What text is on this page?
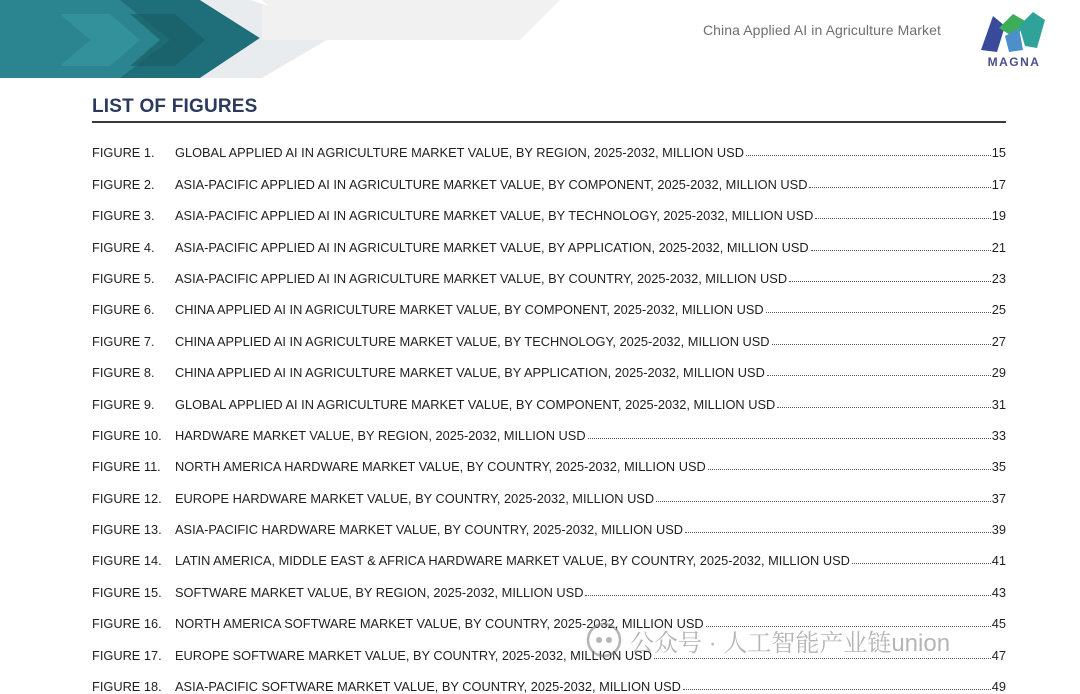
China Applied AI in Agriculture Market
MAGNA
LIST OF FIGURES
FIGURE 1.	GLOBAL APPLIED AI IN AGRICULTURE MARKET VALUE, BY REGION, 2025-2032, MILLION USD	15
FIGURE 2.	ASIA-PACIFIC APPLIED AI IN AGRICULTURE MARKET VALUE, BY COMPONENT, 2025-2032, MILLION USD	17
FIGURE 3.	ASIA-PACIFIC APPLIED AI IN AGRICULTURE MARKET VALUE, BY TECHNOLOGY, 2025-2032, MILLION USD	19
FIGURE 4.	ASIA-PACIFIC APPLIED AI IN AGRICULTURE MARKET VALUE, BY APPLICATION, 2025-2032, MILLION USD	21
FIGURE 5.	ASIA-PACIFIC APPLIED AI IN AGRICULTURE MARKET VALUE, BY COUNTRY, 2025-2032, MILLION USD	23
FIGURE 6.	CHINA APPLIED AI IN AGRICULTURE MARKET VALUE, BY COMPONENT, 2025-2032, MILLION USD	25
FIGURE 7.	CHINA APPLIED AI IN AGRICULTURE MARKET VALUE, BY TECHNOLOGY, 2025-2032, MILLION USD	27
FIGURE 8.	CHINA APPLIED AI IN AGRICULTURE MARKET VALUE, BY APPLICATION, 2025-2032, MILLION USD	29
FIGURE 9.	GLOBAL APPLIED AI IN AGRICULTURE MARKET VALUE, BY COMPONENT, 2025-2032, MILLION USD	31
FIGURE 10.	HARDWARE MARKET VALUE, BY REGION, 2025-2032, MILLION USD	33
FIGURE 11.	NORTH AMERICA HARDWARE MARKET VALUE, BY COUNTRY, 2025-2032, MILLION USD	35
FIGURE 12.	EUROPE HARDWARE MARKET VALUE, BY COUNTRY, 2025-2032, MILLION USD	37
FIGURE 13.	ASIA-PACIFIC HARDWARE MARKET VALUE, BY COUNTRY, 2025-2032, MILLION USD	39
FIGURE 14.	LATIN AMERICA, MIDDLE EAST & AFRICA HARDWARE MARKET VALUE, BY COUNTRY, 2025-2032, MILLION USD	41
FIGURE 15.	SOFTWARE MARKET VALUE, BY REGION, 2025-2032, MILLION USD	43
FIGURE 16.	NORTH AMERICA SOFTWARE MARKET VALUE, BY COUNTRY, 2025-2032, MILLION USD	45
FIGURE 17.	EUROPE SOFTWARE MARKET VALUE, BY COUNTRY, 2025-2032, MILLION USD	47
FIGURE 18.	ASIA-PACIFIC SOFTWARE MARKET VALUE, BY COUNTRY, 2025-2032, MILLION USD	49
公众号 · 人工智能产业链union
